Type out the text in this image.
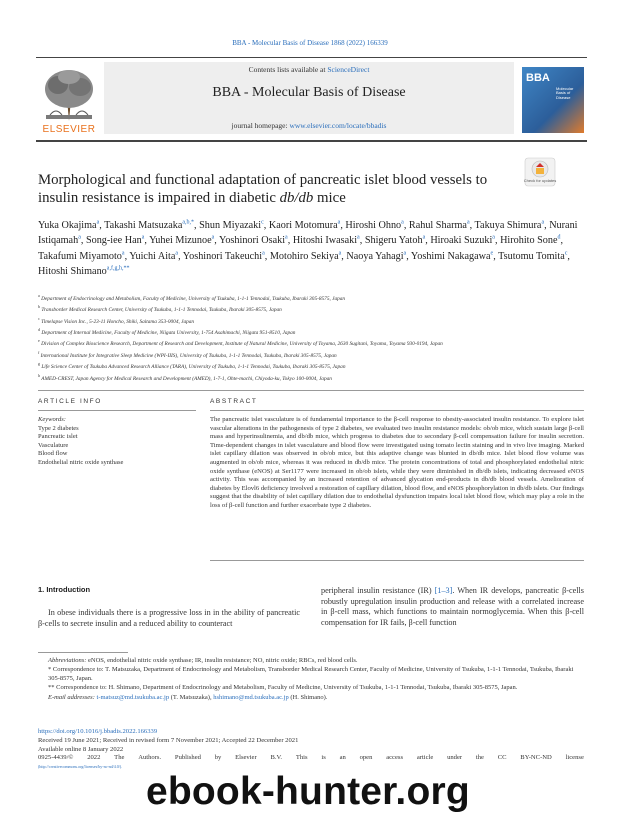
BBA - Molecular Basis of Disease 1868 (2022) 166339
ELSEVIER
Contents lists available at ScienceDirect
BBA - Molecular Basis of Disease
journal homepage: www.elsevier.com/locate/bbadis
BBA
Molecular Basis of Disease
Morphological and functional adaptation of pancreatic islet blood vessels to insulin resistance is impaired in diabetic db/db mice
Check for updates
Yuka Okajima$^a$, Takashi Matsuzaka$^{a,b,*}$, Shun Miyazaki$^c$, Kaori Motomura$^a$, Hiroshi Ohno$^a$, Rahul Sharma$^a$, Takuya Shimura$^a$, Nurani Istiqamah$^a$, Song-iee Han$^a$, Yuhei Mizunoe$^a$, Yoshinori Osaki$^a$, Hitoshi Iwasaki$^a$, Shigeru Yatoh$^a$, Hiroaki Suzuki$^a$, Hirohito Sone$^d$, Takafumi Miyamoto$^a$, Yuichi Aita$^a$, Yoshinori Takeuchi$^a$, Motohiro Sekiya$^a$, Naoya Yahagi$^a$, Yoshimi Nakagawa$^e$, Tsutomu Tomita$^c$, Hitoshi Shimano$^{a,f,g,h,**}$
$^a$ Department of Endocrinology and Metabolism, Faculty of Medicine, University of Tsukuba, 1-1-1 Tennodai, Tsukuba, Ibaraki 305-8575, Japan
$^b$ Transborder Medical Research Center, University of Tsukuba, 1-1-1 Tennodai, Tsukuba, Ibaraki 305-8575, Japan
$^c$ Timelapse Vision Inc., 5-23-11 Honcho, Shiki, Saitama 353-0004, Japan
$^d$ Department of Internal Medicine, Faculty of Medicine, Niigata University, 1-754 Asahimachi, Niigata 951-8510, Japan
$^e$ Division of Complex Bioscience Research, Department of Research and Development, Institute of Natural Medicine, University of Toyama, 2630 Sugitani, Toyama, Toyama 930-0194, Japan
$^f$ International Institute for Integrative Sleep Medicine (WPI-IIIS), University of Tsukuba, 1-1-1 Tennodai, Tsukuba, Ibaraki 305-8575, Japan
$^g$ Life Science Center of Tsukuba Advanced Research Alliance (TARA), University of Tsukuba, 1-1-1 Tennodai, Tsukuba, Ibaraki 305-8575, Japan
$^h$ AMED-CREST, Japan Agency for Medical Research and Development (AMED), 1-7-1, Ohte-machi, Chiyoda-ku, Tokyo 100-0004, Japan
ARTICLE INFO	ABSTRACT
Keywords:
Type 2 diabetes
Pancreatic islet
Vasculature
Blood flow
Endothelial nitric oxide synthase
The pancreatic islet vasculature is of fundamental importance to the β-cell response to obesity-associated insulin resistance. To explore islet vascular alterations in the pathogenesis of type 2 diabetes, we evaluated two insulin resistance models: ob/ob mice, which sustain large β-cell mass and hyperinsulinemia, and db/db mice, which progress to diabetes due to secondary β-cell compensation failure for insulin secretion. Time-dependent changes in islet vasculature and blood flow were investigated using tomato lectin staining and in vivo live imaging. Marked islet capillary dilation was observed in ob/ob mice, but this adaptive change was blunted in db/db mice. Islet blood flow volume was augmented in ob/ob mice, whereas it was reduced in db/db mice. The protein concentrations of total and phosphorylated endothelial nitric oxide synthase (eNOS) at Ser1177 were increased in ob/ob islets, while they were diminished in db/db islets, indicating decreased eNOS activity. This was accompanied by an increased retention of advanced glycation end-products in db/db blood vessels. Amelioration of diabetes by Elovl6 deficiency involved a restoration of capillary dilation, blood flow, and eNOS phosphorylation in db/db islets. Our findings suggest that the disability of islet capillary dilation due to endothelial dysfunction impairs local islet blood flow, which may play a role in the loss of β-cell function and further exacerbate type 2 diabetes.
1. Introduction
In obese individuals there is a progressive loss in in the ability of pancreatic β-cells to secrete insulin and a reduced ability to counteract
peripheral insulin resistance (IR) [1–3]. When IR develops, pancreatic β-cells robustly upregulation insulin production and release with a correlated increase in β-cell mass, which functions to maintain normoglycemia. When this β-cell compensation for IR fails, β-cell function

Abbreviations: eNOS, endothelial nitric oxide synthase; IR, insulin resistance; NO, nitric oxide; RBCs, red blood cells.

* Correspondence to: T. Matsuzaka, Department of Endocrinology and Metabolism, Transborder Medical Research Center, Faculty of Medicine, University of Tsukuba, 1-1-1 Tennodai, Tsukuba, Ibaraki 305-8575, Japan.

** Correspondence to: H. Shimano, Department of Endocrinology and Metabolism, Faculty of Medicine, University of Tsukuba, 1-1-1 Tennodai, Tsukuba, Ibaraki 305-8575, Japan.

E-mail addresses: t-matsuz@md.tsukuba.ac.jp (T. Matsuzaka), hshimano@md.tsukuba.ac.jp (H. Shimano).

https://doi.org/10.1016/j.bbadis.2022.166339
Received 19 June 2021; Received in revised form 7 November 2021; Accepted 22 December 2021
Available online 8 January 2022
0925-4439/© 2022 The Authors. Published by Elsevier B.V. This is an open access article under the CC BY-NC-ND license
(http://creativecommons.org/licenses/by-nc-nd/4.0/).
ebook-hunter.org
